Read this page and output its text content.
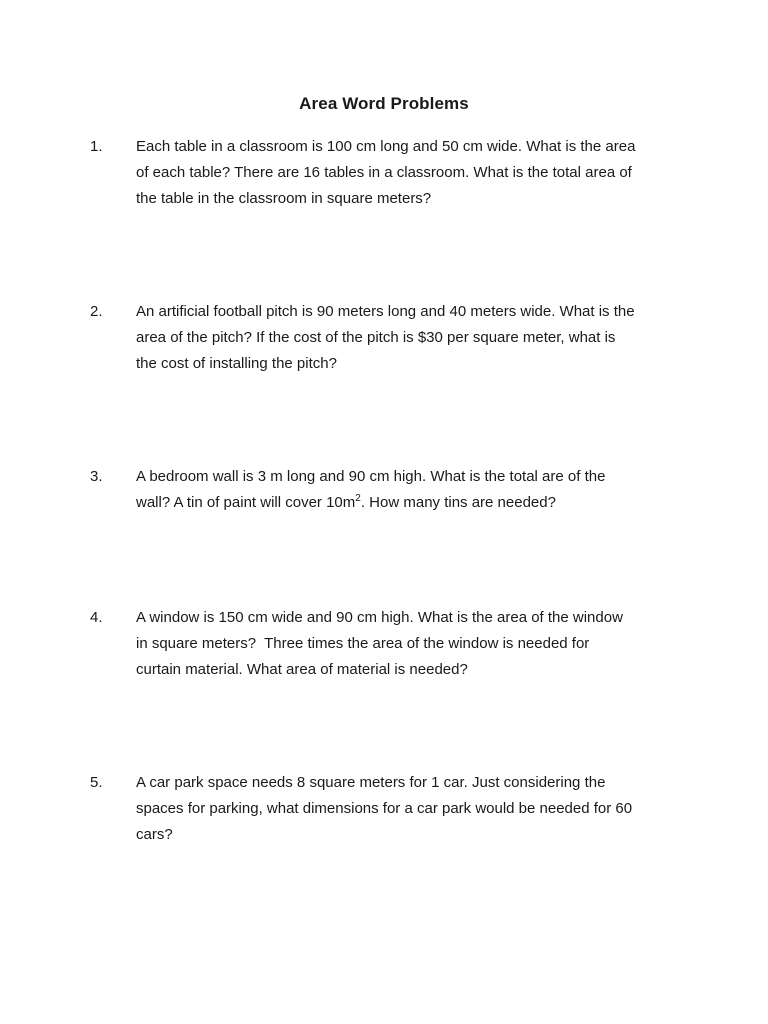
Area Word Problems
1. Each table in a classroom is 100 cm long and 50 cm wide. What is the area
of each table? There are 16 tables in a classroom. What is the total area of
the table in the classroom in square meters?
2. An artificial football pitch is 90 meters long and 40 meters wide. What is the
area of the pitch? If the cost of the pitch is $30 per square meter, what is
the cost of installing the pitch?
3. A bedroom wall is 3 m long and 90 cm high. What is the total are of the
wall? A tin of paint will cover $10m^2$. How many tins are needed?
4. A window is 150 cm wide and 90 cm high. What is the area of the window
in square meters?  Three times the area of the window is needed for
curtain material. What area of material is needed?
5. A car park space needs 8 square meters for 1 car. Just considering the
spaces for parking, what dimensions for a car park would be needed for 60
cars?
